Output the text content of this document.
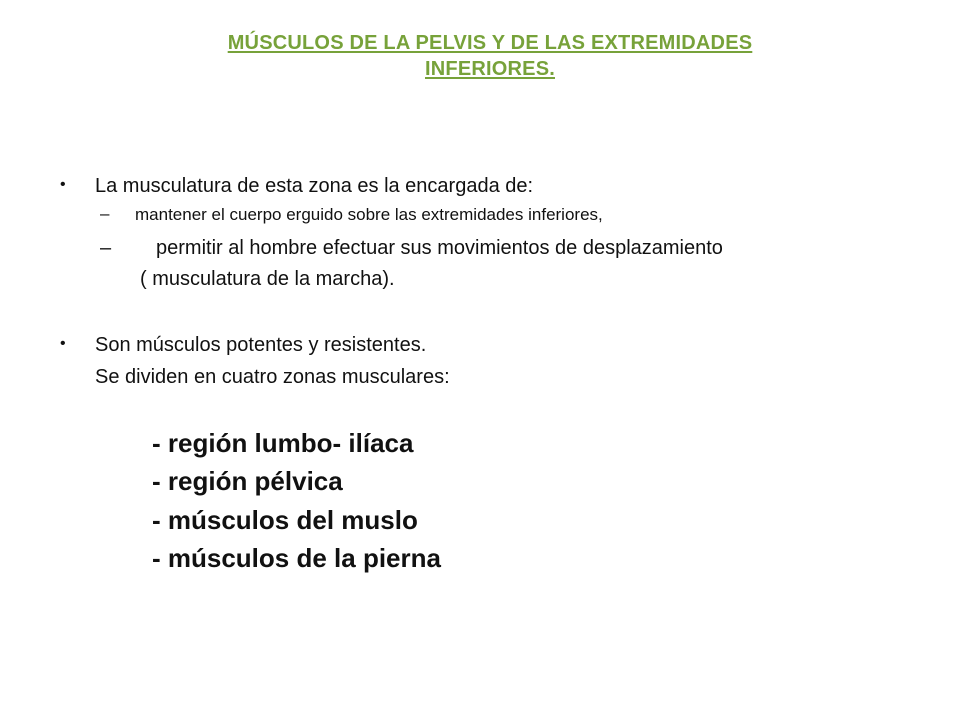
MÚSCULOS DE LA PELVIS Y DE LAS EXTREMIDADES
INFERIORES.
• La musculatura de esta zona es la encargada de:
– mantener el cuerpo erguido sobre las extremidades inferiores,
– permitir al hombre efectuar sus movimientos de desplazamiento
( musculatura de la marcha).
• Son músculos potentes y resistentes.
Se dividen en cuatro zonas musculares:
- región lumbo- ilíaca
- región pélvica
- músculos del muslo
- músculos de la pierna
